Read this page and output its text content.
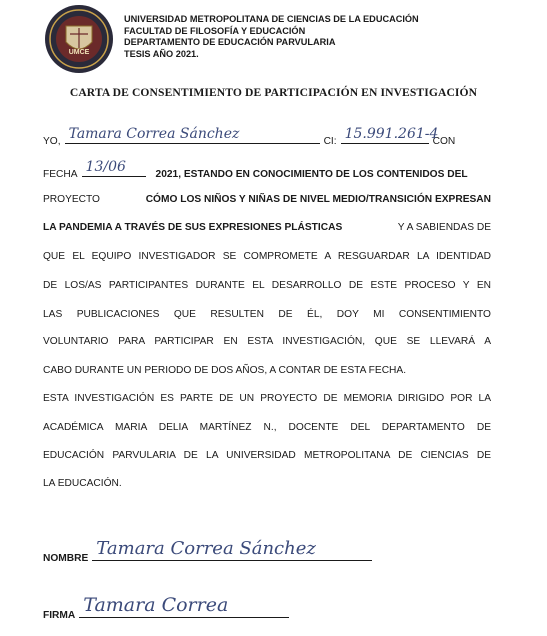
UMCE
UNIVERSIDAD METROPOLITANA DE CIENCIAS DE LA EDUCACIÓN
FACULTAD DE FILOSOFÍA Y EDUCACIÓN
DEPARTAMENTO DE EDUCACIÓN PARVULARIA
TESIS AÑO 2021.
CARTA DE CONSENTIMIENTO DE PARTICIPACIÓN EN INVESTIGACIÓN
YO, Tamara Correa Sánchez	CI: 15.991.261-4
CON
FECHA 13/06	2021, ESTANDO EN CONOCIMIENTO DE LOS CONTENIDOS DEL
PROYECTO	CÓMO LOS NIÑOS Y NIÑAS DE NIVEL MEDIO/TRANSICIÓN EXPRESAN
LA PANDEMIA A TRAVÉS DE SUS EXPRESIONES PLÁSTICAS	Y A SABIENDAS DE
QUE EL EQUIPO INVESTIGADOR SE COMPROMETE A RESGUARDAR LA IDENTIDAD
DE LOS/AS PARTICIPANTES DURANTE EL DESARROLLO DE ESTE PROCESO Y EN
LAS PUBLICACIONES QUE RESULTEN DE ÉL, DOY MI CONSENTIMIENTO
VOLUNTARIO PARA PARTICIPAR EN ESTA INVESTIGACIÓN, QUE SE LLEVARÁ A
CABO DURANTE UN PERIODO DE DOS AÑOS, A CONTAR DE ESTA FECHA.
ESTA INVESTIGACIÓN ES PARTE DE UN PROYECTO DE MEMORIA DIRIGIDO POR LA
ACADÉMICA MARIA DELIA MARTÍNEZ N., DOCENTE DEL DEPARTAMENTO DE
EDUCACIÓN PARVULARIA DE LA UNIVERSIDAD METROPOLITANA DE CIENCIAS DE
LA EDUCACIÓN.
NOMBRE Tamara Correa Sánchez
FIRMA Tamara Correa
